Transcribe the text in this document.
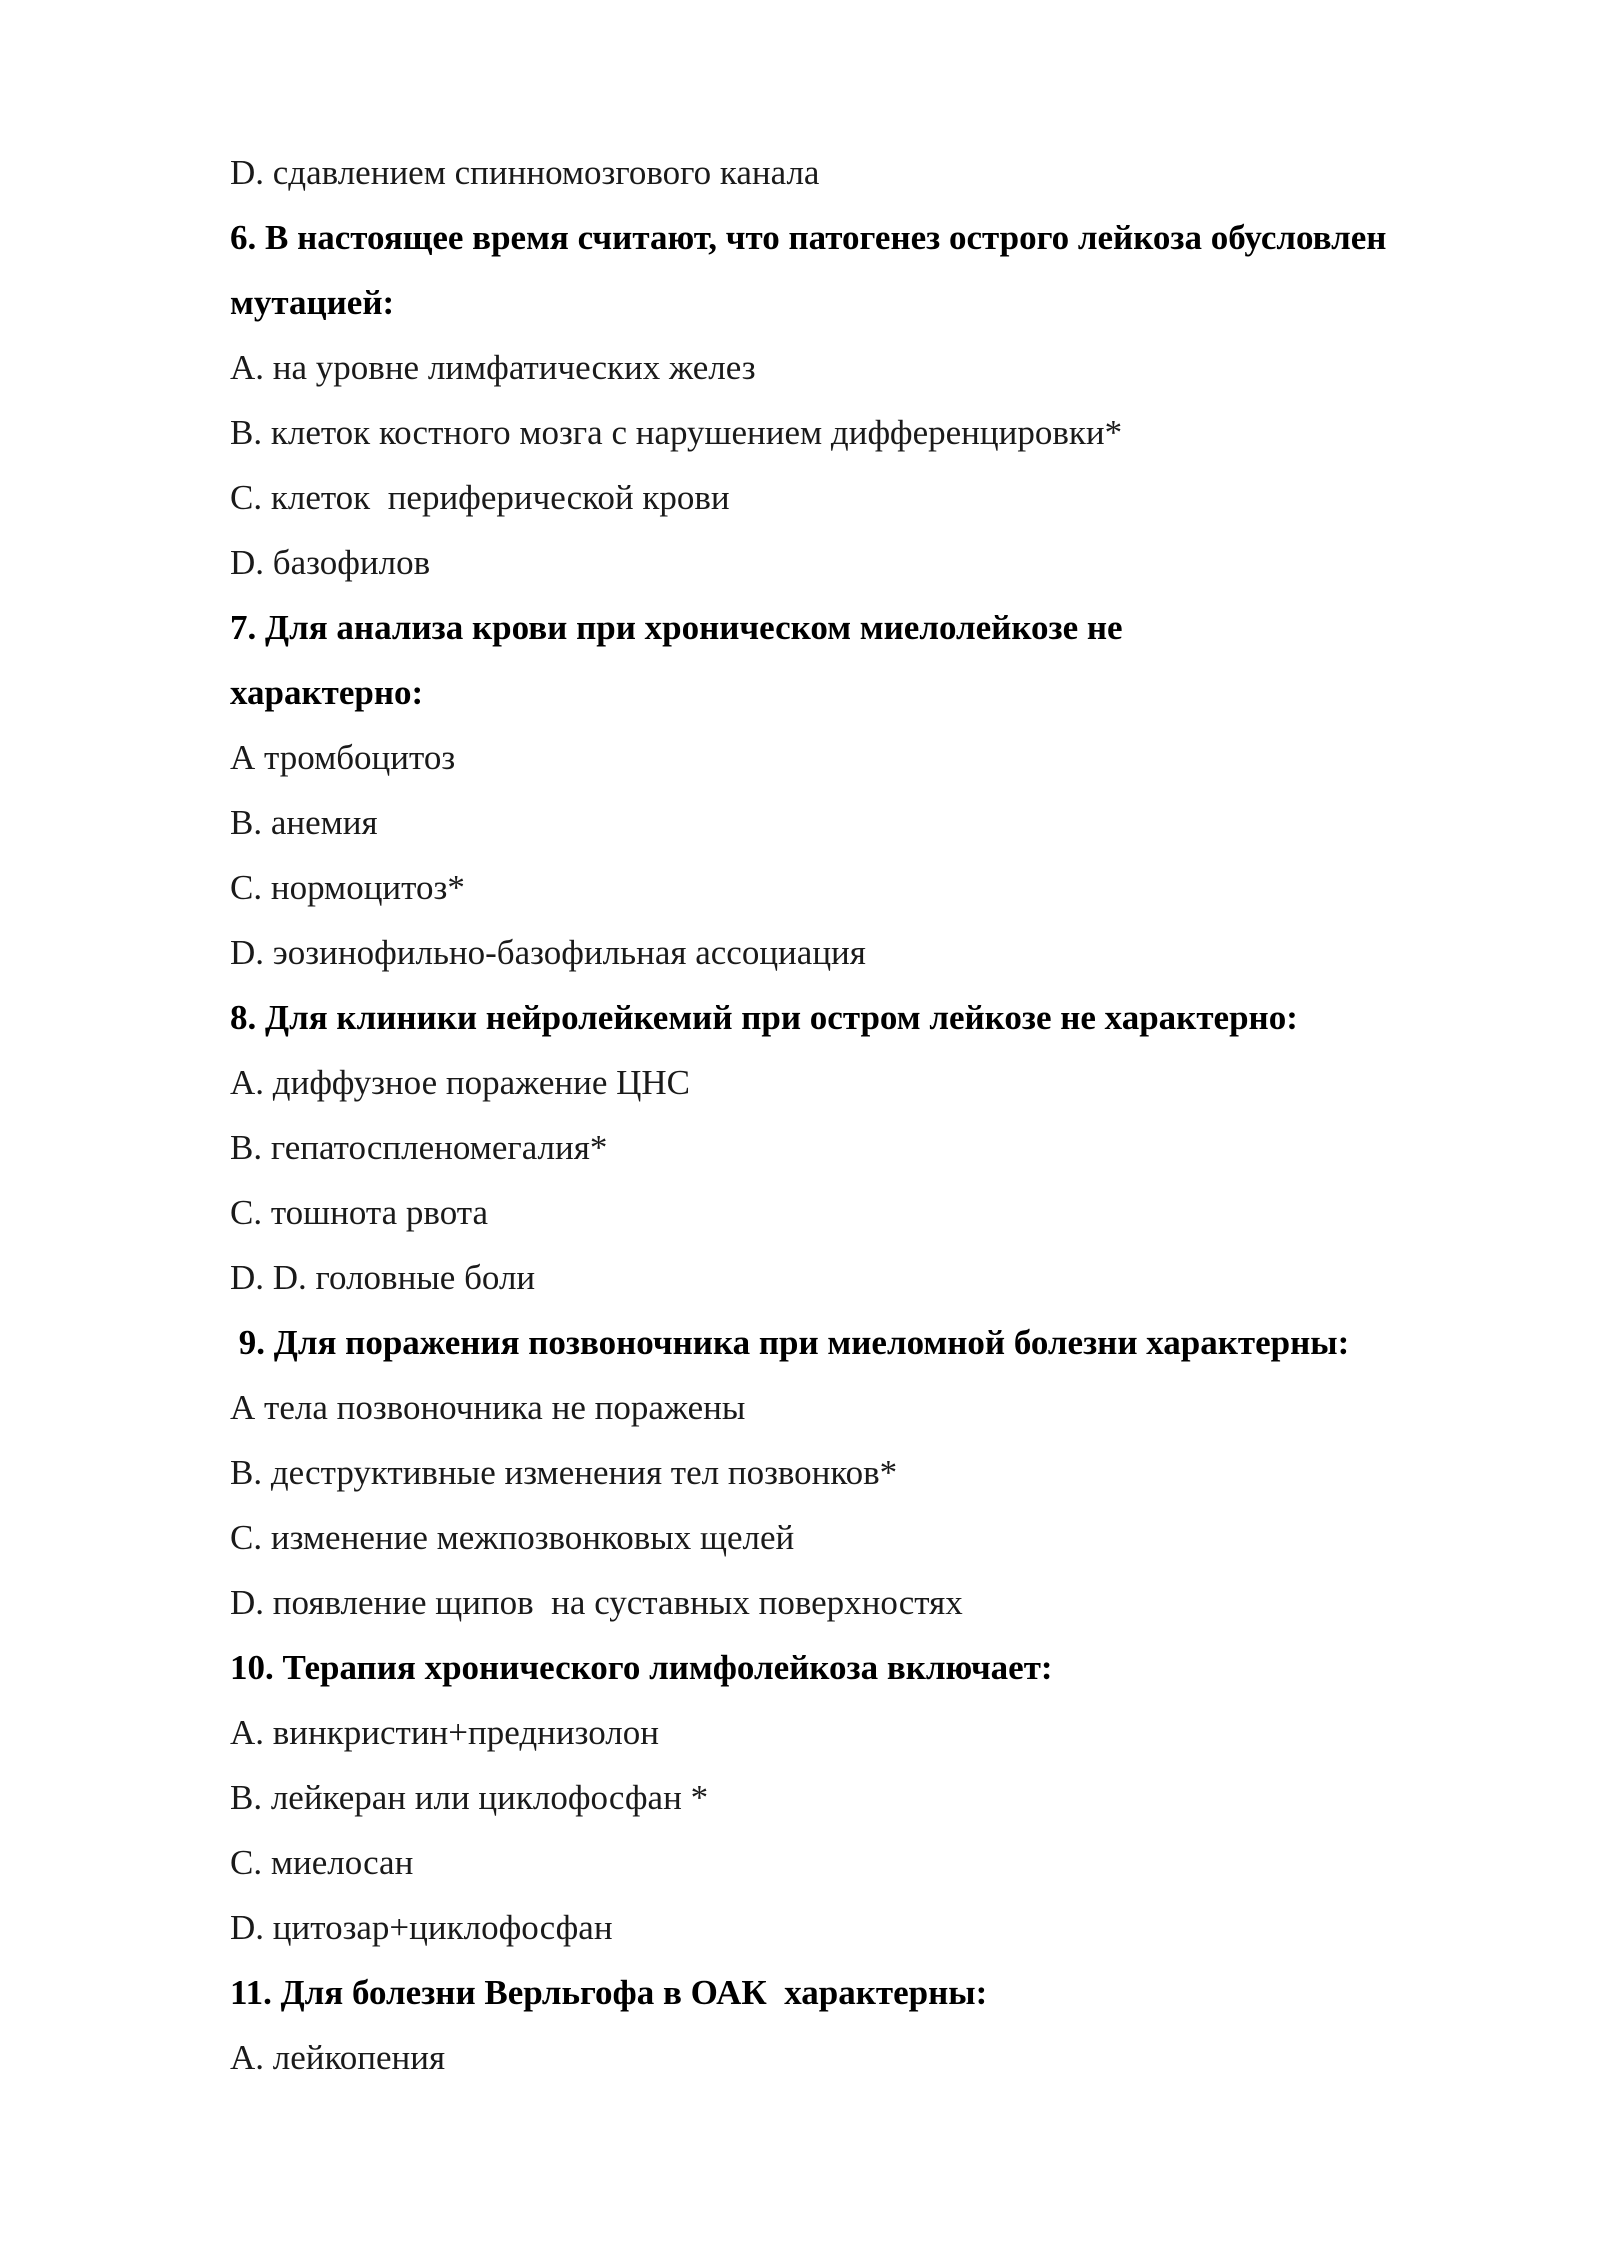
D. сдавлением спинномозгового канала
6. В настоящее время считают, что патогенез острого лейкоза обусловлен
мутацией:
A. на уровне лимфатических желез
B. клеток костного мозга с нарушением дифференцировки*
C. клеток  периферической крови
D. базофилов
7. Для анализа крови при хроническом миелолейкозе не
характерно:
А тромбоцитоз
B. анемия
C. нормоцитоз*
D. эозинофильно-базофильная ассоциация
8. Для клиники нейролейкемий при остром лейкозе не характерно:
A. диффузное поражение ЦНС
B. гепатоспленомегалия*
C. тошнота рвота
D. D. головные боли
9. Для поражения позвоночника при миеломной болезни характерны:
А тела позвоночника не поражены
B. деструктивные изменения тел позвонков*
C. изменение межпозвонковых щелей
D. появление щипов  на суставных поверхностях
10. Терапия хронического лимфолейкоза включает:
A. винкристин+преднизолон
B. лейкеран или циклофосфан *
C. миелосан
D. цитозар+циклофосфан
11. Для болезни Верльгофа в ОАК  характерны:
A. лейкопения
